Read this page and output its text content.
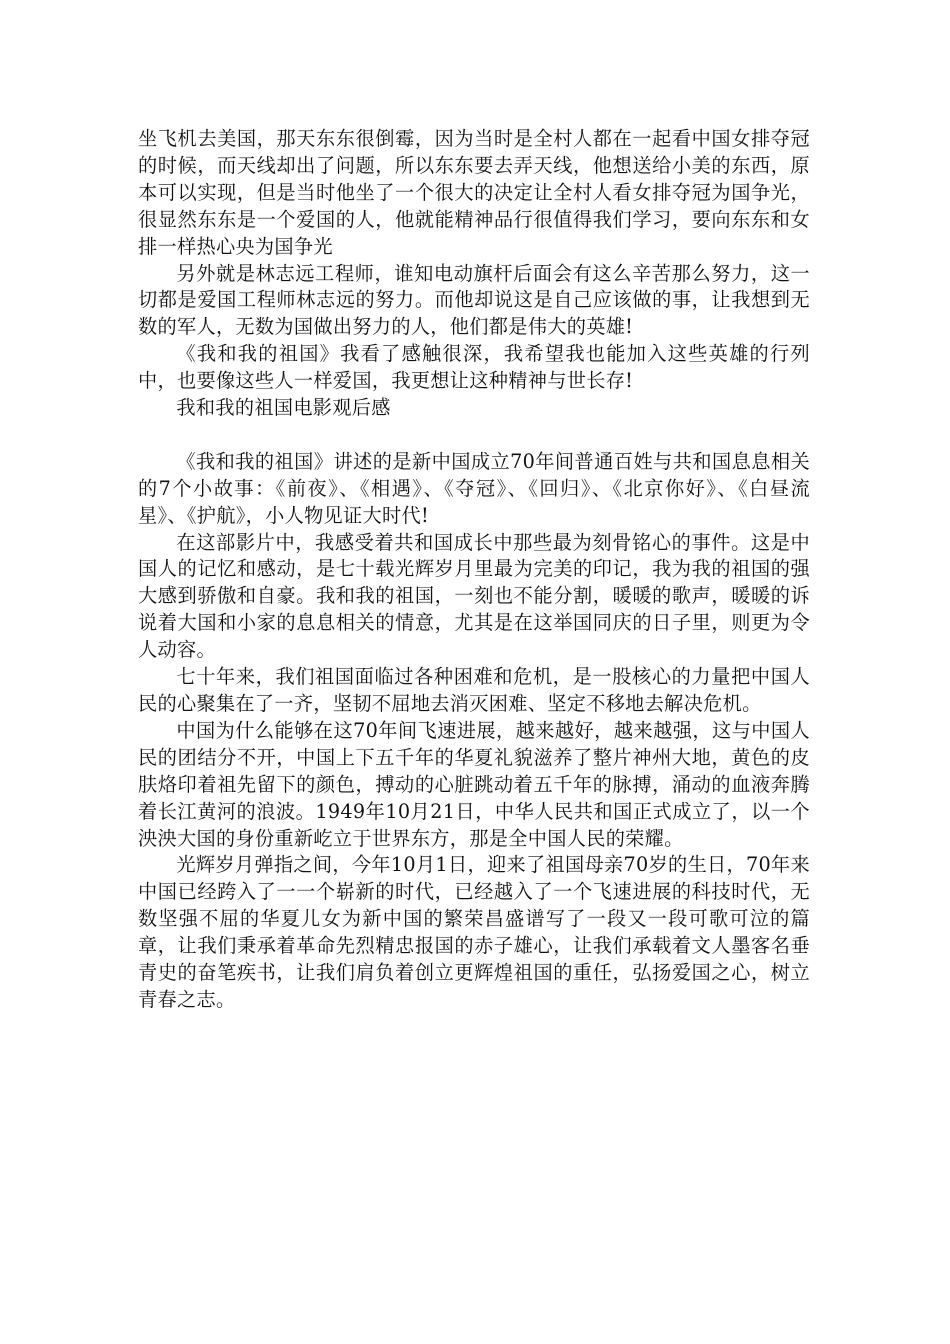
坐飞机去美国，那天东东很倒霉，因为当时是全村人都在一起看中国女排夺冠的时候，而天线却出了问题，所以东东要去弄天线，他想送给小美的东西，原本可以实现，但是当时他坐了一个很大的决定让全村人看女排夺冠为国争光，很显然东东是一个爱国的人，他就能精神品行很值得我们学习，要向东东和女排一样热心央为国争光

另外就是林志远工程师，谁知电动旗杆后面会有这么辛苦那么努力，这一切都是爱国工程师林志远的努力。而他却说这是自己应该做的事，让我想到无数的军人，无数为国做出努力的人，他们都是伟大的英雄!

《我和我的祖国》我看了感触很深，我希望我也能加入这些英雄的行列中，也要像这些人一样爱国，我更想让这种精神与世长存!

我和我的祖国电影观后感

《我和我的祖国》讲述的是新中国成立70年间普通百姓与共和国息息相关的7个小故事：《前夜》、《相遇》、《夺冠》、《回归》、《北京你好》、《白昼流星》、《护航》，小人物见证大时代!

在这部影片中，我感受着共和国成长中那些最为刻骨铭心的事件。这是中国人的记忆和感动，是七十载光辉岁月里最为完美的印记，我为我的祖国的强大感到骄傲和自豪。我和我的祖国，一刻也不能分割，暖暖的歌声，暖暖的诉说着大国和小家的息息相关的情意，尤其是在这举国同庆的日子里，则更为令人动容。

七十年来，我们祖国面临过各种困难和危机，是一股核心的力量把中国人民的心聚集在了一齐，坚韧不屈地去消灭困难、坚定不移地去解决危机。

中国为什么能够在这70年间飞速进展，越来越好，越来越强，这与中国人民的团结分不开，中国上下五千年的华夏礼貌滋养了整片神州大地，黄色的皮肤烙印着祖先留下的颜色，搏动的心脏跳动着五千年的脉搏，涌动的血液奔腾着长江黄河的浪波。1949年10月21日，中华人民共和国正式成立了，以一个泱泱大国的身份重新屹立于世界东方，那是全中国人民的荣耀。

光辉岁月弹指之间，今年10月1日，迎来了祖国母亲70岁的生日，70年来中国已经跨入了一一个崭新的时代，已经越入了一个飞速进展的科技时代，无数坚强不屈的华夏儿女为新中国的繁荣昌盛谱写了一段又一段可歌可泣的篇章，让我们秉承着革命先烈精忠报国的赤子雄心，让我们承载着文人墨客名垂青史的奋笔疾书，让我们肩负着创立更辉煌祖国的重任，弘扬爱国之心，树立青春之志。
